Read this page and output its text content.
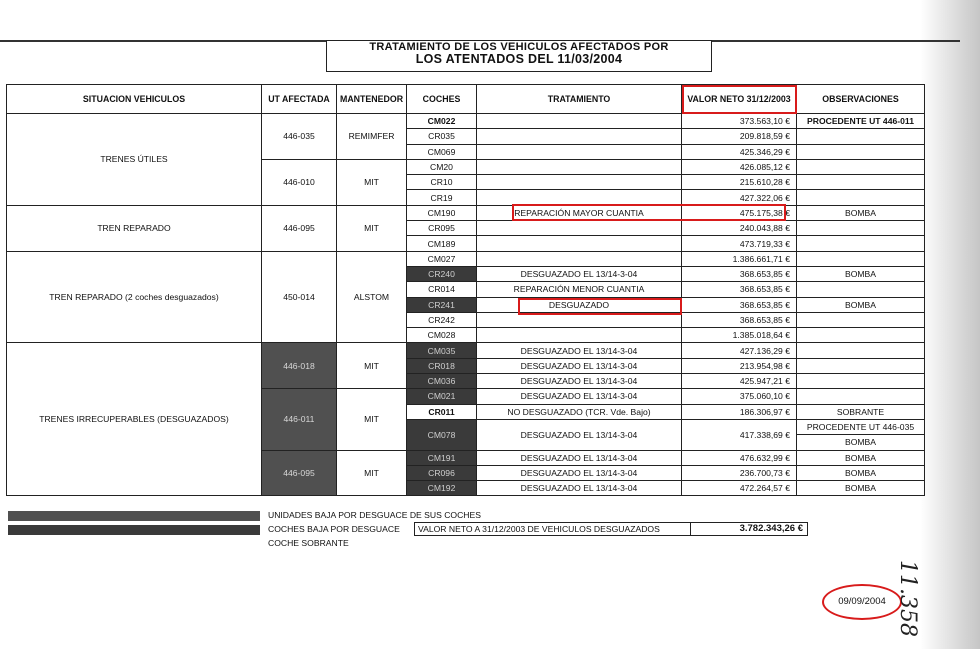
TRATAMIENTO DE LOS VEHICULOS AFECTADOS POR
LOS ATENTADOS DEL 11/03/2004
SITUACION VEHICULOS	UT AFECTADA	MANTENEDOR	COCHES	TRATAMIENTO	VALOR NETO 31/12/2003	OBSERVACIONES
TRENES ÚTILES	446-035	REMIMFER	CM022		373.563,10 €	PROCEDENTE UT 446-011
			CR035		209.818,59 €	
			CM069		425.346,29 €	
	446-010	MIT	CM20		426.085,12 €	
			CR10		215.610,28 €	
			CR19		427.322,06 €	
TREN REPARADO	446-095	MIT	CM190	REPARACIÓN MAYOR CUANTIA	475.175,38 €	BOMBA
			CR095		240.043,88 €	
			CM189		473.719,33 €	
TREN REPARADO (2 coches desguazados)	450-014	ALSTOM	CM027		1.386.661,71 €	
			CR240	DESGUAZADO EL 13/14-3-04	368.653,85 €	BOMBA
			CR014	REPARACIÓN MENOR CUANTIA	368.653,85 €	
			CR241	DESGUAZADO	368.653,85 €	BOMBA
			CR242		368.653,85 €	
			CM028		1.385.018,64 €	
TRENES IRRECUPERABLES (DESGUAZADOS)	446-018	MIT	CM035	DESGUAZADO EL 13/14-3-04	427.136,29 €	
			CR018	DESGUAZADO EL 13/14-3-04	213.954,98 €	
			CM036	DESGUAZADO EL 13/14-3-04	425.947,21 €	
	446-011	MIT	CM021	DESGUAZADO EL 13/14-3-04	375.060,10 €	
			CR011	NO DESGUAZADO (TCR. Vde. Bajo)	186.306,97 €	SOBRANTE
			CM078	DESGUAZADO EL 13/14-3-04	417.338,69 €	PROCEDENTE UT 446-035
						BOMBA
	446-095	MIT	CM191	DESGUAZADO EL 13/14-3-04	476.632,99 €	BOMBA
			CR096	DESGUAZADO EL 13/14-3-04	236.700,73 €	BOMBA
			CM192	DESGUAZADO EL 13/14-3-04	472.264,57 €	BOMBA
UNIDADES BAJA POR DESGUACE DE SUS COCHES
COCHES BAJA POR DESGUACE
COCHE SOBRANTE
VALOR NETO A 31/12/2003 DE VEHICULOS DESGUAZADOS	3.782.343,26 €
09/09/2004 11.358
